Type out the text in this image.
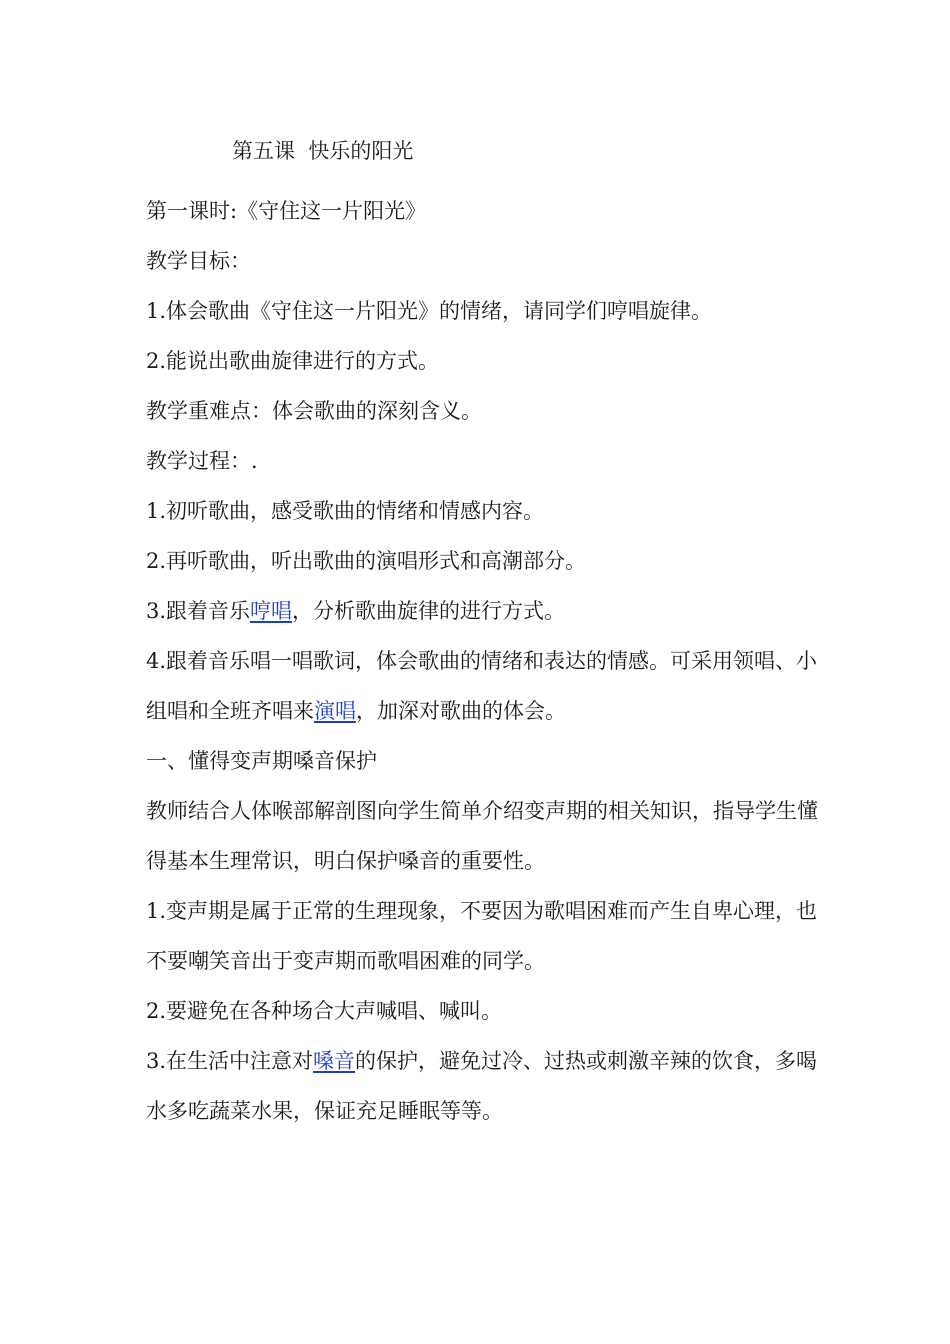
第五课  快乐的阳光

第一课时:《守住这一片阳光》

教学目标：

1.体会歌曲《守住这一片阳光》的情绪，请同学们哼唱旋律。

2.能说出歌曲旋律进行的方式。

教学重难点：体会歌曲的深刻含义。

教学过程：.

1.初听歌曲，感受歌曲的情绪和情感内容。

2.再听歌曲，听出歌曲的演唱形式和高潮部分。

3.跟着音乐哼唱，分析歌曲旋律的进行方式。

4.跟着音乐唱一唱歌词，体会歌曲的情绪和表达的情感。可采用领唱、小组唱和全班齐唱来演唱，加深对歌曲的体会。

一、懂得变声期嗓音保护

教师结合人体喉部解剖图向学生简单介绍变声期的相关知识，指导学生懂得基本生理常识，明白保护嗓音的重要性。

1.变声期是属于正常的生理现象，不要因为歌唱困难而产生自卑心理，也不要嘲笑音出于变声期而歌唱困难的同学。

2.要避免在各种场合大声喊唱、喊叫。

3.在生活中注意对嗓音的保护，避免过冷、过热或刺激辛辣的饮食，多喝水多吃蔬菜水果，保证充足睡眠等等。
